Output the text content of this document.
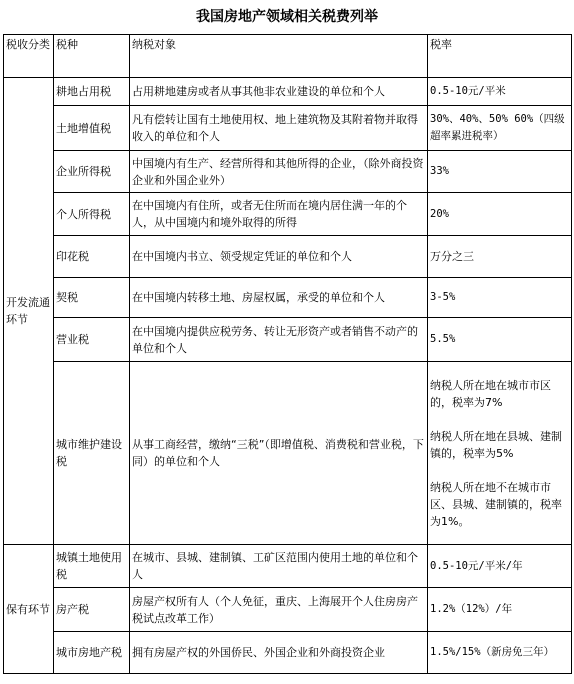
我国房地产领域相关税费列举
税收分类	税种	纳税对象	税率
开发流通环节	耕地占用税	占用耕地建房或者从事其他非农业建设的单位和个人	0.5-10元/平米
	土地增值税	凡有偿转让国有土地使用权、地上建筑物及其附着物并取得收入的单位和个人	30%、40%、50% 60%（四级超率累进税率）
	企业所得税	中国境内有生产、经营所得和其他所得的企业，（除外商投资企业和外国企业外）	33%
	个人所得税	在中国境内有住所，或者无住所而在境内居住满一年的个人，从中国境内和境外取得的所得	20%
	印花税	在中国境内书立、领受规定凭证的单位和个人	万分之三
	契税	在中国境内转移土地、房屋权属，承受的单位和个人	3-5%
	营业税	在中国境内提供应税劳务、转让无形资产或者销售不动产的单位和个人	5.5%
	城市维护建设税	从事工商经营，缴纳“三税”（即增值税、消费税和营业税，下同）的单位和个人	纳税人所在地在城市市区的，税率为7%
纳税人所在地在县城、建制镇的，税率为5%
纳税人所在地不在城市市区、县城、建制镇的，税率为1%。

保有环节	城镇土地使用税	在城市、县城、建制镇、工矿区范围内使用土地的单位和个人	0.5-10元/平米/年
	房产税	房屋产权所有人（个人免征，重庆、上海展开个人住房房产税试点改革工作）	1.2%（12%）/年
	城市房地产税	拥有房屋产权的外国侨民、外国企业和外商投资企业	1.5%/15%（新房免三年）
